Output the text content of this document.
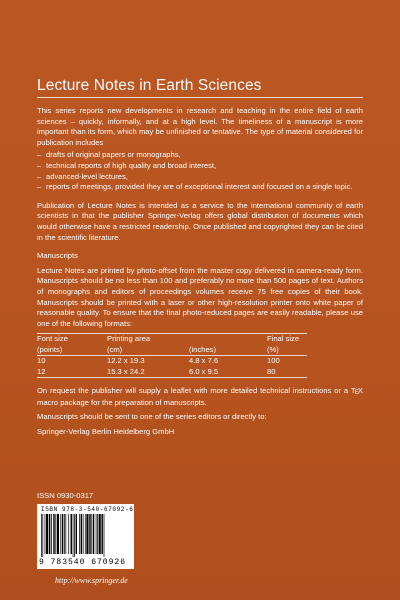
Lecture Notes in Earth Sciences

This series reports new developments in research and teaching in the entire field of earth sciences – quickly, informally, and at a high level. The timeliness of a manuscript is more important than its form, which may be unfinished or tentative. The type of material considered for publication includes

– drafts of original papers or monographs,
– technical reports of high quality and broad interest,
– advanced-level lectures,
– reports of meetings, provided they are of exceptional interest and focused on a single topic.

Publication of Lecture Notes is intended as a service to the international community of earth scientists in that the publisher Springer-Verlag offers global distribution of documents which would otherwise have a restricted readership. Once published and copyrighted they can be cited in the scientific literature.

Manuscripts

Lecture Notes are printed by photo-offset from the master copy delivered in camera-ready form. Manuscripts should be no less than 100 and preferably no more than 500 pages of text. Authors of monographs and editors of proceedings volumes receive 75 free copies of their book. Manuscripts should be printed with a laser or other high-resolution printer onto white paper of reasonable quality. To ensure that the final photo-reduced pages are easily readable, please use one of the following formats:

Font size	Printing area		Final size
(points)	(cm)	(inches)	(%)
10	12.2 x 19.3	4.8 x 7.6	100
12	15.3 x 24.2	6.0 x 9.5	80

On request the publisher will supply a leaflet with more detailed technical instructions or a TEX macro package for the preparation of manuscripts.

Manuscripts should be sent to one of the series editors or directly to:

Springer-Verlag Berlin Heidelberg GmbH

ISSN 0930-0317
ISBN 978-3-540-67092-6
9 783540 670926
http://www.springer.de
